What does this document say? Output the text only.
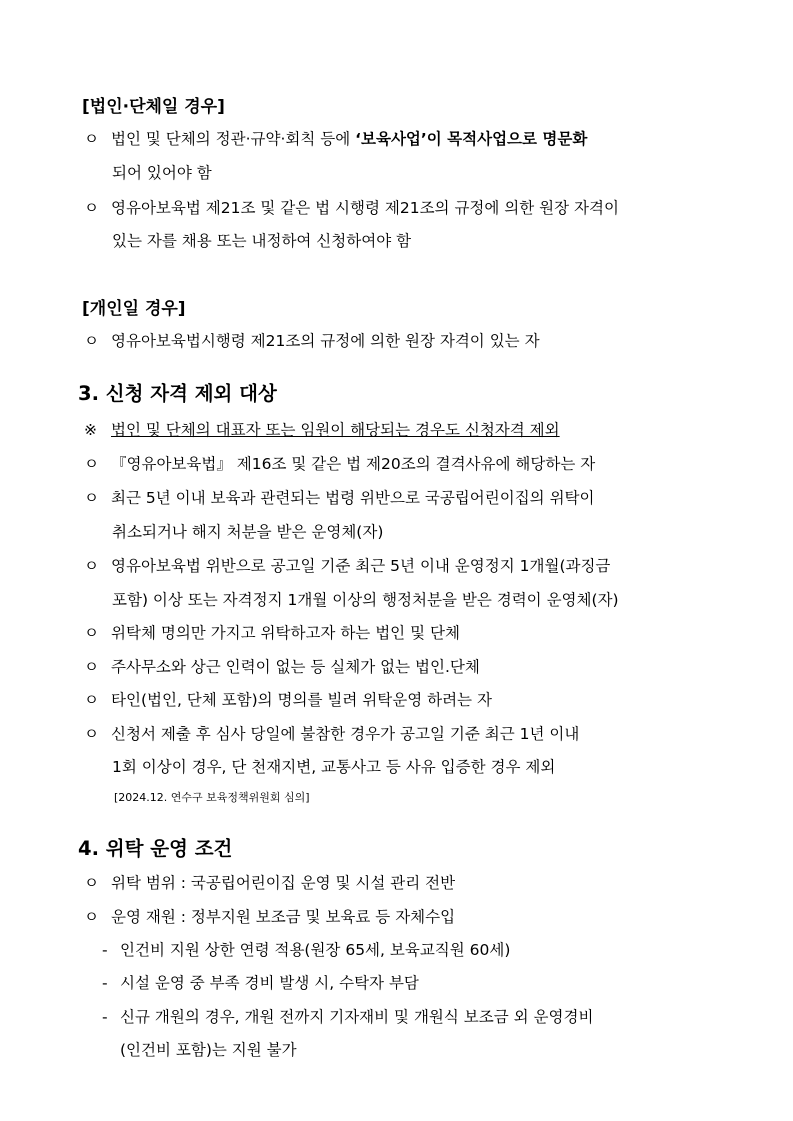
[법인·단체일 경우]
ㅇ 법인 및 단체의 정관·규약·회칙 등에 ‘보육사업’이 목적사업으로 명문화
되어 있어야 함
ㅇ 영유아보육법 제21조 및 같은 법 시행령 제21조의 규정에 의한 원장 자격이
있는 자를 채용 또는 내정하여 신청하여야 함
[개인일 경우]
ㅇ 영유아보육법시행령 제21조의 규정에 의한 원장 자격이 있는 자
3. 신청 자격 제외 대상
※ 법인 및 단체의 대표자 또는 임원이 해당되는 경우도 신청자격 제외
ㅇ 『영유아보육법』 제16조 및 같은 법 제20조의 결격사유에 해당하는 자
ㅇ 최근 5년 이내 보육과 관련되는 법령 위반으로 국공립어린이집의 위탁이
취소되거나 해지 처분을 받은 운영체(자)
ㅇ 영유아보육법 위반으로 공고일 기준 최근 5년 이내 운영정지 1개월(과징금
포함) 이상 또는 자격정지 1개월 이상의 행정처분을 받은 경력이 운영체(자)
ㅇ 위탁체 명의만 가지고 위탁하고자 하는 법인 및 단체
ㅇ 주사무소와 상근 인력이 없는 등 실체가 없는 법인.단체
ㅇ 타인(법인, 단체 포함)의 명의를 빌려 위탁운영 하려는 자
ㅇ 신청서 제출 후 심사 당일에 불참한 경우가 공고일 기준 최근 1년 이내
1회 이상이 경우, 단 천재지변, 교통사고 등 사유 입증한 경우 제외
[2024.12. 연수구 보육정책위원회 심의]
4. 위탁 운영 조건
ㅇ 위탁 범위 : 국공립어린이집 운영 및 시설 관리 전반
ㅇ 운영 재원 : 정부지원 보조금 및 보육료 등 자체수입
- 인건비 지원 상한 연령 적용(원장 65세, 보육교직원 60세)
- 시설 운영 중 부족 경비 발생 시, 수탁자 부담
- 신규 개원의 경우, 개원 전까지 기자재비 및 개원식 보조금 외 운영경비
(인건비 포함)는 지원 불가
